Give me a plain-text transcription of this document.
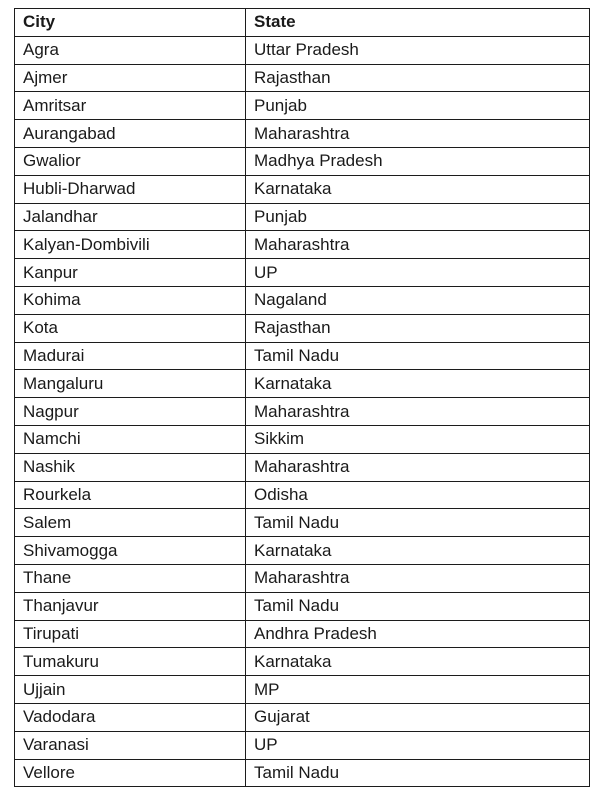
City	State
Agra	Uttar Pradesh
Ajmer	Rajasthan
Amritsar	Punjab
Aurangabad	Maharashtra
Gwalior	Madhya Pradesh
Hubli-Dharwad	Karnataka
Jalandhar	Punjab
Kalyan-Dombivili	Maharashtra
Kanpur	UP
Kohima	Nagaland
Kota	Rajasthan
Madurai	Tamil Nadu
Mangaluru	Karnataka
Nagpur	Maharashtra
Namchi	Sikkim
Nashik	Maharashtra
Rourkela	Odisha
Salem	Tamil Nadu
Shivamogga	Karnataka
Thane	Maharashtra
Thanjavur	Tamil Nadu
Tirupati	Andhra Pradesh
Tumakuru	Karnataka
Ujjain	MP
Vadodara	Gujarat
Varanasi	UP
Vellore	Tamil Nadu
